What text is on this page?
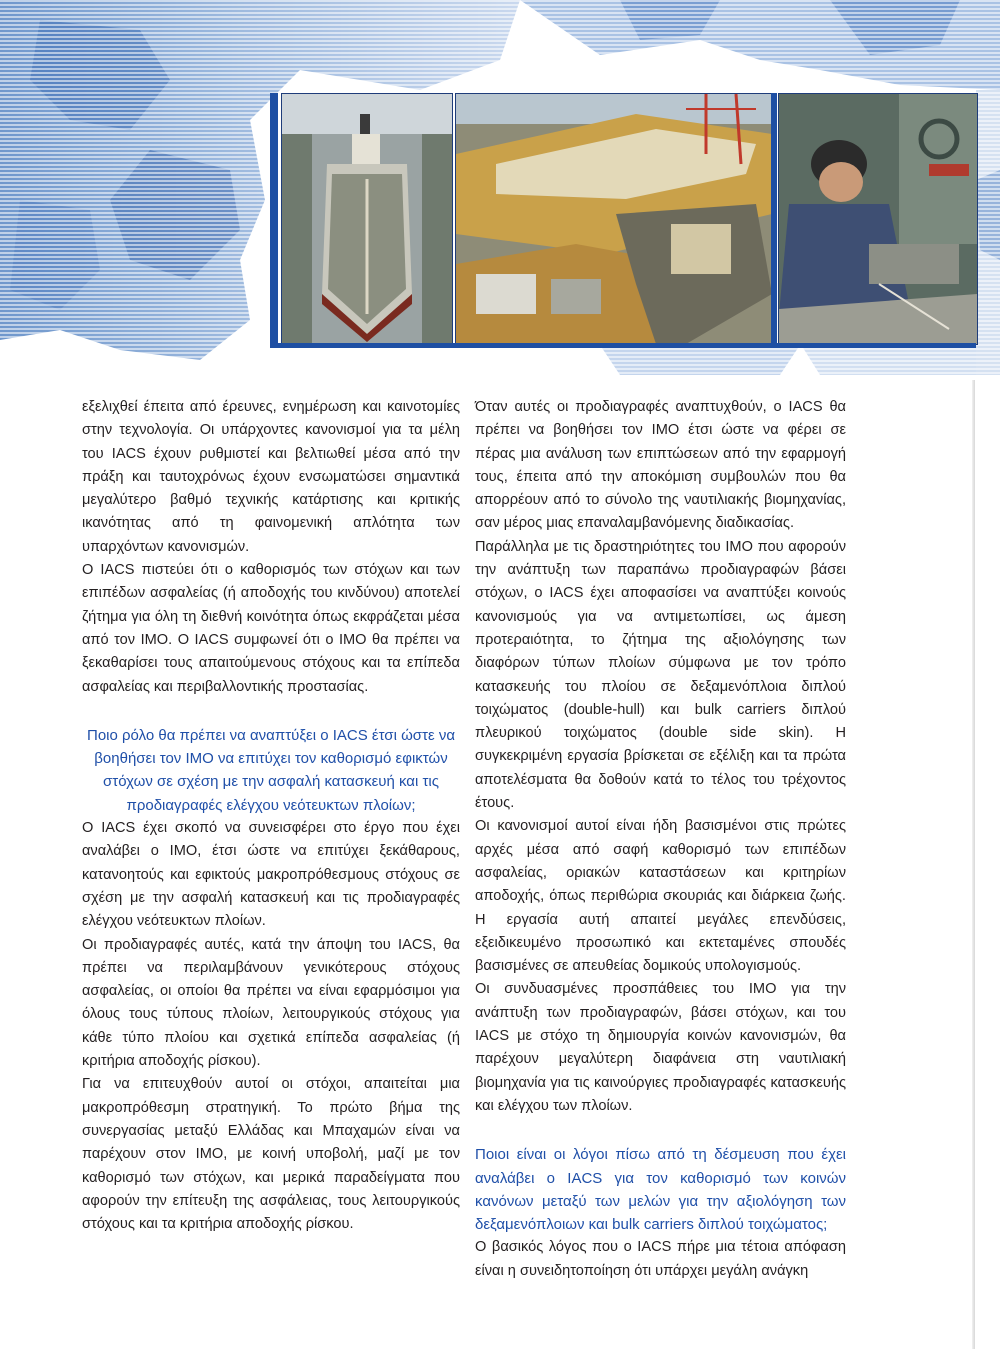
εξελιχθεί έπειτα από έρευνες, ενημέρωση και καινοτομίες στην τεχνολογία. Οι υπάρχοντες κανονισμοί για τα μέλη του IACS έχουν ρυθμιστεί και βελτιωθεί μέσα από την πράξη και ταυτοχρόνως έχουν ενσωματώσει σημαντικά μεγαλύτερο βαθμό τεχνικής κατάρτισης και κριτικής ικανότητας από τη φαινομενική απλότητα των υπαρχόντων κανονισμών.

Ο IACS πιστεύει ότι ο καθορισμός των στόχων και των επιπέδων ασφαλείας (ή αποδοχής του κινδύνου) αποτελεί ζήτημα για όλη τη διεθνή κοινότητα όπως εκφράζεται μέσα από τον IMO. Ο IACS συμφωνεί ότι ο IMO θα πρέπει να ξεκαθαρίσει τους απαιτούμενους στόχους και τα επίπεδα ασφαλείας και περιβαλλοντικής προστασίας.

Ποιο ρόλο θα πρέπει να αναπτύξει ο IACS έτσι ώστε να βοηθήσει τον IMO να επιτύχει τον καθορισμό εφικτών στόχων σε σχέση με την ασφαλή κατασκευή και τις προδιαγραφές ελέγχου νεότευκτων πλοίων;

Ο IACS έχει σκοπό να συνεισφέρει στο έργο που έχει αναλάβει ο IMO, έτσι ώστε να επιτύχει ξεκάθαρους, κατανοητούς και εφικτούς μακροπρόθεσμους στόχους σε σχέση με την ασφαλή κατασκευή και τις προδιαγραφές ελέγχου νεότευκτων πλοίων.

Οι προδιαγραφές αυτές, κατά την άποψη του IACS, θα πρέπει να περιλαμβάνουν γενικότερους στόχους ασφαλείας, οι οποίοι θα πρέπει να είναι εφαρμόσιμοι για όλους τους τύπους πλοίων, λειτουργικούς στόχους για κάθε τύπο πλοίου και σχετικά επίπεδα ασφαλείας (ή κριτήρια αποδοχής ρίσκου).

Για να επιτευχθούν αυτοί οι στόχοι, απαιτείται μια μακροπρόθεσμη στρατηγική. Το πρώτο βήμα της συνεργασίας μεταξύ Ελλάδας και Μπαχαμών είναι να παρέχουν στον IMO, με κοινή υποβολή, μαζί με τον καθορισμό των στόχων, και μερικά παραδείγματα που αφορούν την επίτευξη της ασφάλειας, τους λειτουργικούς στόχους και τα κριτήρια αποδοχής ρίσκου.

Όταν αυτές οι προδιαγραφές αναπτυχθούν, ο IACS θα πρέπει να βοηθήσει τον IMO έτσι ώστε να φέρει σε πέρας μια ανάλυση των επιπτώσεων από την εφαρμογή τους, έπειτα από την αποκόμιση συμβουλών που θα απορρέουν από το σύνολο της ναυτιλιακής βιομηχανίας, σαν μέρος μιας επαναλαμβανόμενης διαδικασίας.

Παράλληλα με τις δραστηριότητες του IMO που αφορούν την ανάπτυξη των παραπάνω προδιαγραφών βάσει στόχων, ο IACS έχει αποφασίσει να αναπτύξει κοινούς κανονισμούς για να αντιμετωπίσει, ως άμεση προτεραιότητα, το ζήτημα της αξιολόγησης των διαφόρων τύπων πλοίων σύμφωνα με τον τρόπο κατασκευής του πλοίου σε δεξαμενόπλοια διπλού τοιχώματος (double-hull) και bulk carriers διπλού πλευρικού τοιχώματος (double side skin). Η συγκεκριμένη εργασία βρίσκεται σε εξέλιξη και τα πρώτα αποτελέσματα θα δοθούν κατά το τέλος του τρέχοντος έτους.

Οι κανονισμοί αυτοί είναι ήδη βασισμένοι στις πρώτες αρχές μέσα από σαφή καθορισμό των επιπέδων ασφαλείας, οριακών καταστάσεων και κριτηρίων αποδοχής, όπως περιθώρια σκουριάς και διάρκεια ζωής. Η εργασία αυτή απαιτεί μεγάλες επενδύσεις, εξειδικευμένο προσωπικό και εκτεταμένες σπουδές βασισμένες σε απευθείας δομικούς υπολογισμούς.

Οι συνδυασμένες προσπάθειες του IMO για την ανάπτυξη των προδιαγραφών, βάσει στόχων, και του IACS με στόχο τη δημιουργία κοινών κανονισμών, θα παρέχουν μεγαλύτερη διαφάνεια στη ναυτιλιακή βιομηχανία για τις καινούργιες προδιαγραφές κατασκευής και ελέγχου των πλοίων.

Ποιοι είναι οι λόγοι πίσω από τη δέσμευση που έχει αναλάβει ο IACS για τον καθορισμό των κοινών κανόνων μεταξύ των μελών για την αξιολόγηση των δεξαμενόπλοιων και bulk carriers διπλού τοιχώματος;

Ο βασικός λόγος που ο IACS πήρε μια τέτοια απόφαση είναι η συνειδητοποίηση ότι υπάρχει μεγάλη ανάγκη
